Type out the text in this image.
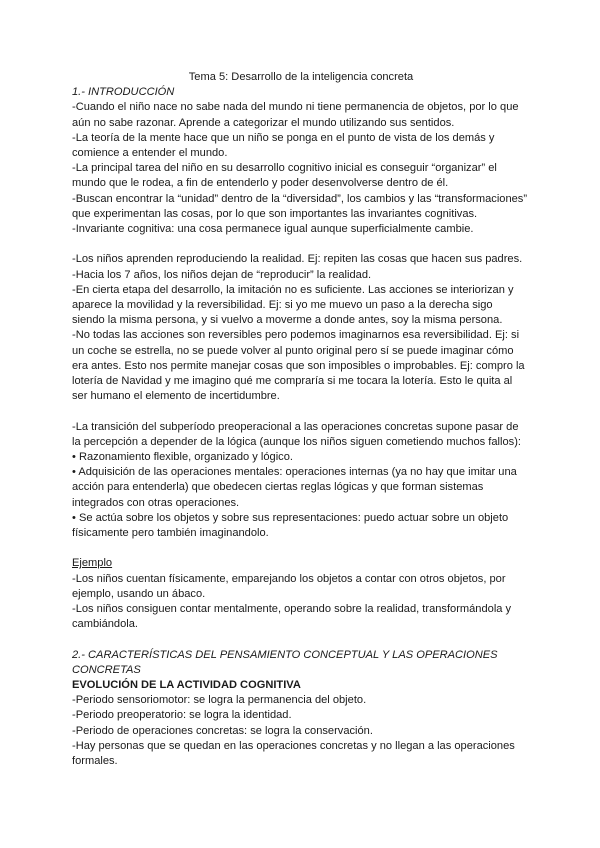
Tema 5: Desarrollo de la inteligencia concreta
1.- INTRODUCCIÓN
-Cuando el niño nace no sabe nada del mundo ni tiene permanencia de objetos, por lo que
aún no sabe razonar. Aprende a categorizar el mundo utilizando sus sentidos.
-La teoría de la mente hace que un niño se ponga en el punto de vista de los demás y
comience a entender el mundo.
-La principal tarea del niño en su desarrollo cognitivo inicial es conseguir “organizar” el
mundo que le rodea, a fin de entenderlo y poder desenvolverse dentro de él.
-Buscan encontrar la “unidad” dentro de la “diversidad”, los cambios y las “transformaciones”
que experimentan las cosas, por lo que son importantes las invariantes cognitivas.
-Invariante cognitiva: una cosa permanece igual aunque superficialmente cambie.
-Los niños aprenden reproduciendo la realidad. Ej: repiten las cosas que hacen sus padres.
-Hacia los 7 años, los niños dejan de “reproducir” la realidad.
-En cierta etapa del desarrollo, la imitación no es suficiente. Las acciones se interiorizan y
aparece la movilidad y la reversibilidad. Ej: si yo me muevo un paso a la derecha sigo
siendo la misma persona, y si vuelvo a moverme a donde antes, soy la misma persona.
-No todas las acciones son reversibles pero podemos imaginarnos esa reversibilidad. Ej: si
un coche se estrella, no se puede volver al punto original pero sí se puede imaginar cómo
era antes. Esto nos permite manejar cosas que son imposibles o improbables. Ej: compro la
lotería de Navidad y me imagino qué me compraría si me tocara la lotería. Esto le quita al
ser humano el elemento de incertidumbre.
-La transición del subperíodo preoperacional a las operaciones concretas supone pasar de
la percepción a depender de la lógica (aunque los niños siguen cometiendo muchos fallos):
• Razonamiento flexible, organizado y lógico.
• Adquisición de las operaciones mentales: operaciones internas (ya no hay que imitar una
acción para entenderla) que obedecen ciertas reglas lógicas y que forman sistemas
integrados con otras operaciones.
• Se actúa sobre los objetos y sobre sus representaciones: puedo actuar sobre un objeto
físicamente pero también imaginandolo.
Ejemplo
-Los niños cuentan físicamente, emparejando los objetos a contar con otros objetos, por
ejemplo, usando un ábaco.
-Los niños consiguen contar mentalmente, operando sobre la realidad, transformándola y
cambiándola.
2.- CARACTERÍSTICAS DEL PENSAMIENTO CONCEPTUAL Y LAS OPERACIONES
CONCRETAS
EVOLUCIÓN DE LA ACTIVIDAD COGNITIVA
-Periodo sensoriomotor: se logra la permanencia del objeto.
-Periodo preoperatorio: se logra la identidad.
-Periodo de operaciones concretas: se logra la conservación.
-Hay personas que se quedan en las operaciones concretas y no llegan a las operaciones
formales.
